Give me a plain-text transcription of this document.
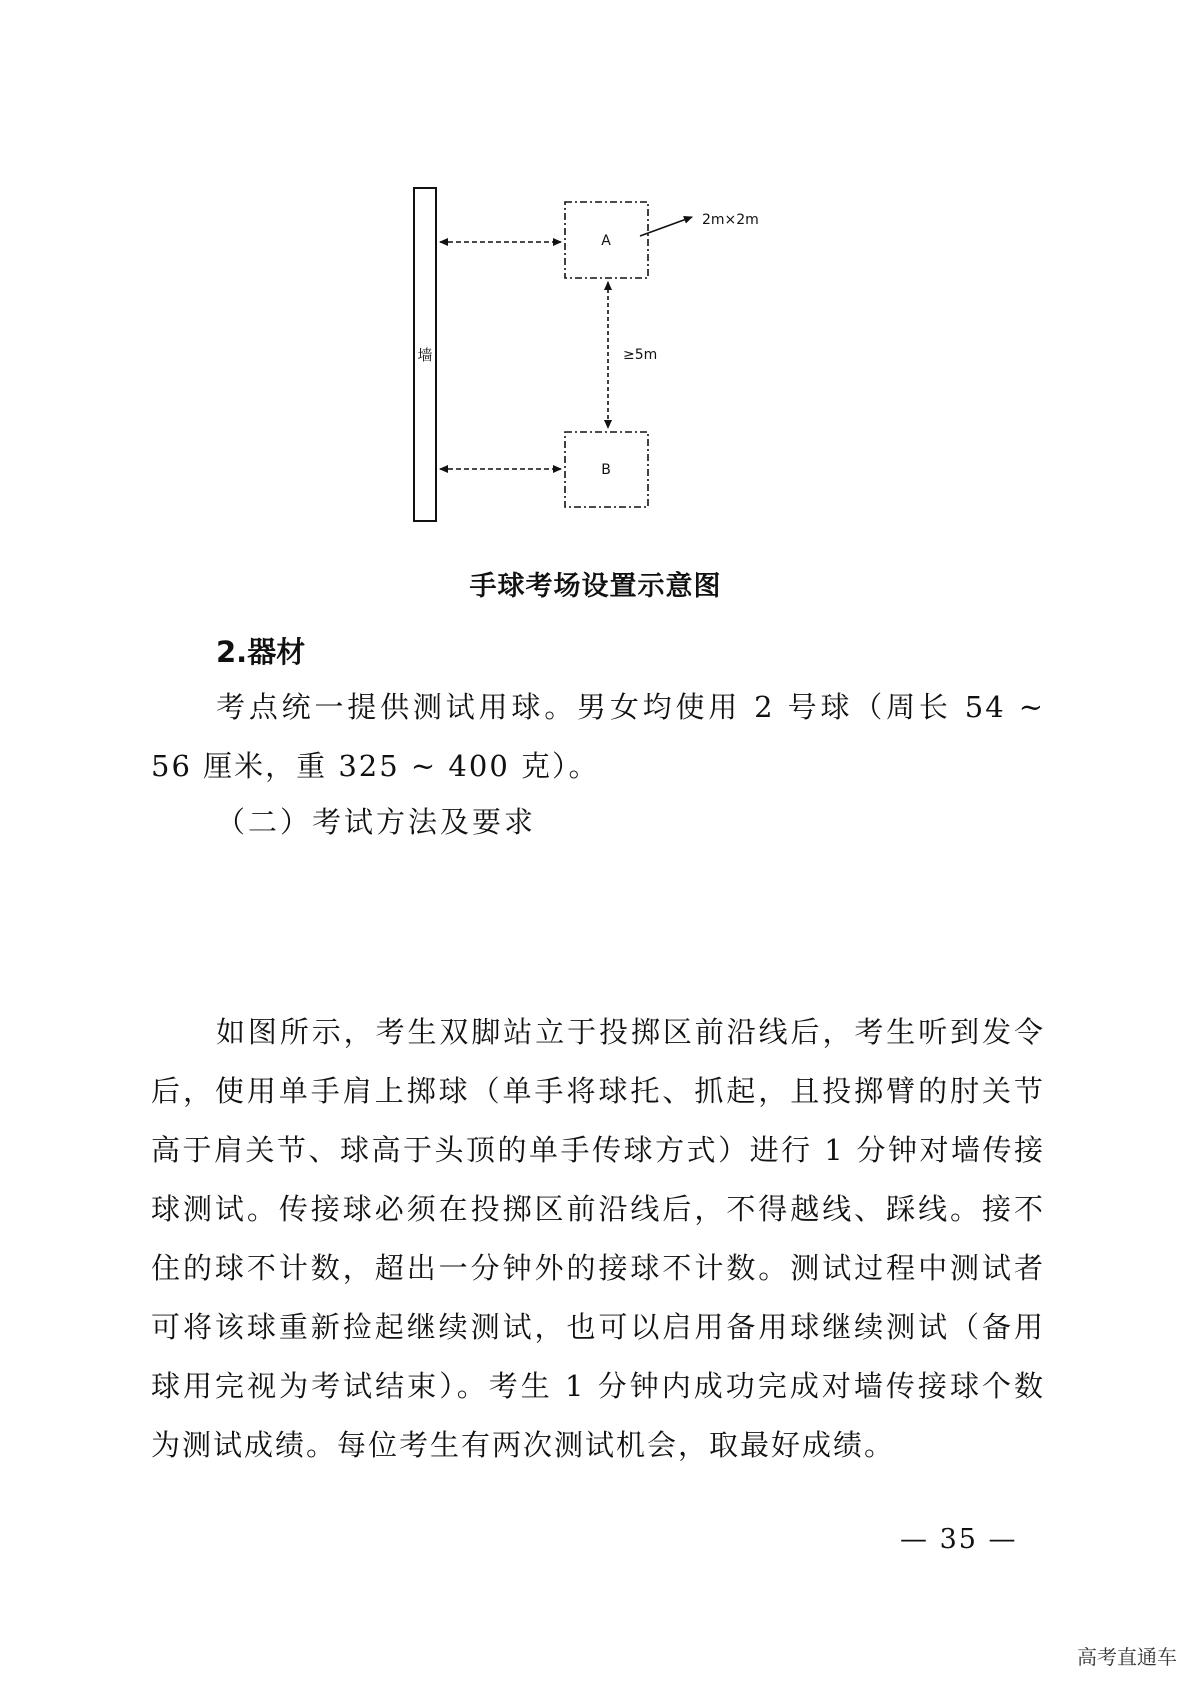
墙
A
B
≥5m
2m×2m
手球考场设置示意图
2.器材

考点统一提供测试用球。男女均使用 2 号球（周长 54 ~ 56 厘米，重 325 ~ 400 克）。

（二）考试方法及要求

如图所示，考生双脚站立于投掷区前沿线后，考生听到发令后，使用单手肩上掷球（单手将球托、抓起，且投掷臂的肘关节高于肩关节、球高于头顶的单手传球方式）进行 1 分钟对墙传接球测试。传接球必须在投掷区前沿线后，不得越线、踩线。接不住的球不计数，超出一分钟外的接球不计数。测试过程中测试者可将该球重新捡起继续测试，也可以启用备用球继续测试（备用球用完视为考试结束）。考生 1 分钟内成功完成对墙传接球个数为测试成绩。每位考生有两次测试机会，取最好成绩。

— 35 —
高考直通车
